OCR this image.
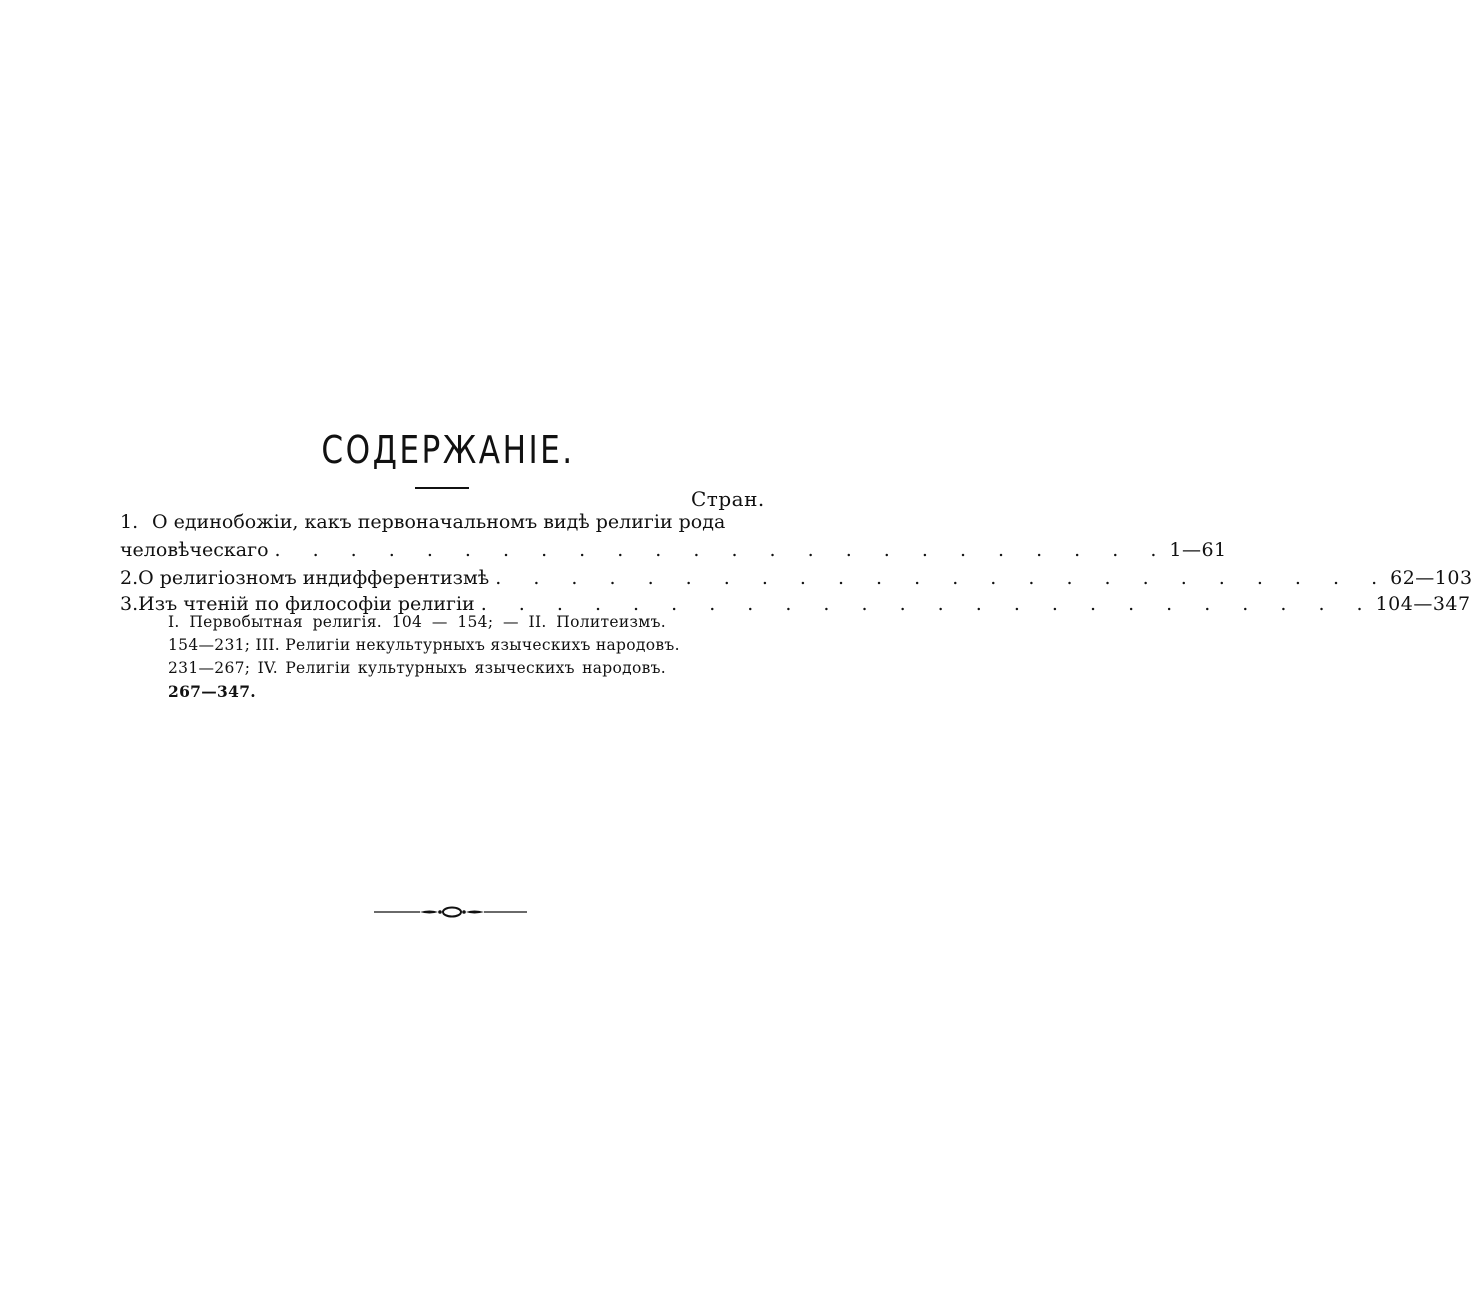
СОДЕРЖАНIЕ.
Стран.
1. О единобожiи, какъ первоначальномъ видѣ религiи рода
человѣческаго . . . . . . . . . . . . . . . . . . . . . . . . 1—61
2. О религiозномъ индифферентизмѣ . . . . . . . . . . . . . . . . . . . . . . . . 62—103
3. Изъ чтенiй по философiи религiи . . . . . . . . . . . . . . . . . . . . . . . . 104—347
I. Первобытная религiя. 104 — 154; — II. Политеизмъ.
154—231; III. Религiи некультурныхъ языческихъ народовъ.
231—267; IV. Религiи культурныхъ языческихъ народовъ.
267—347.
